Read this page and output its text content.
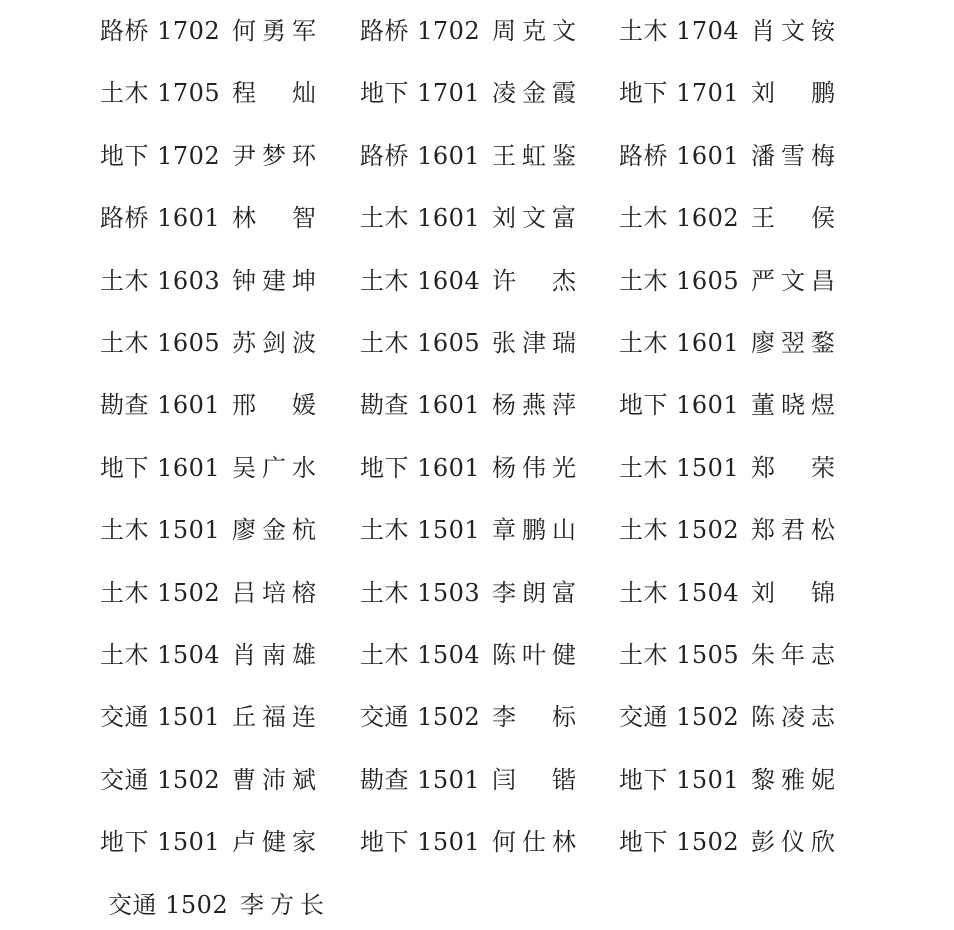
路桥 1702 何勇军 路桥 1702 周克文 土木 1704 肖文铵
土木 1705 程灿 地下 1701 凌金霞 地下 1701 刘鹏
地下 1702 尹梦环 路桥 1601 王虹鉴 路桥 1601 潘雪梅
路桥 1601 林智 土木 1601 刘文富 土木 1602 王侯
土木 1603 钟建坤 土木 1604 许杰 土木 1605 严文昌
土木 1605 苏剑波 土木 1605 张津瑞 土木 1601 廖翌鍪
勘查 1601 邢媛 勘查 1601 杨燕萍 地下 1601 董晓煜
地下 1601 吴广水 地下 1601 杨伟光 土木 1501 郑荣
土木 1501 廖金杭 土木 1501 章鹏山 土木 1502 郑君松
土木 1502 吕培榕 土木 1503 李朗富 土木 1504 刘锦
土木 1504 肖南雄 土木 1504 陈叶健 土木 1505 朱年志
交通 1501 丘福连 交通 1502 李标 交通 1502 陈凌志
交通 1502 曹沛斌 勘查 1501 闫锴 地下 1501 黎雅妮
地下 1501 卢健家 地下 1501 何仕林 地下 1502 彭仪欣
交通 1502 李方长
